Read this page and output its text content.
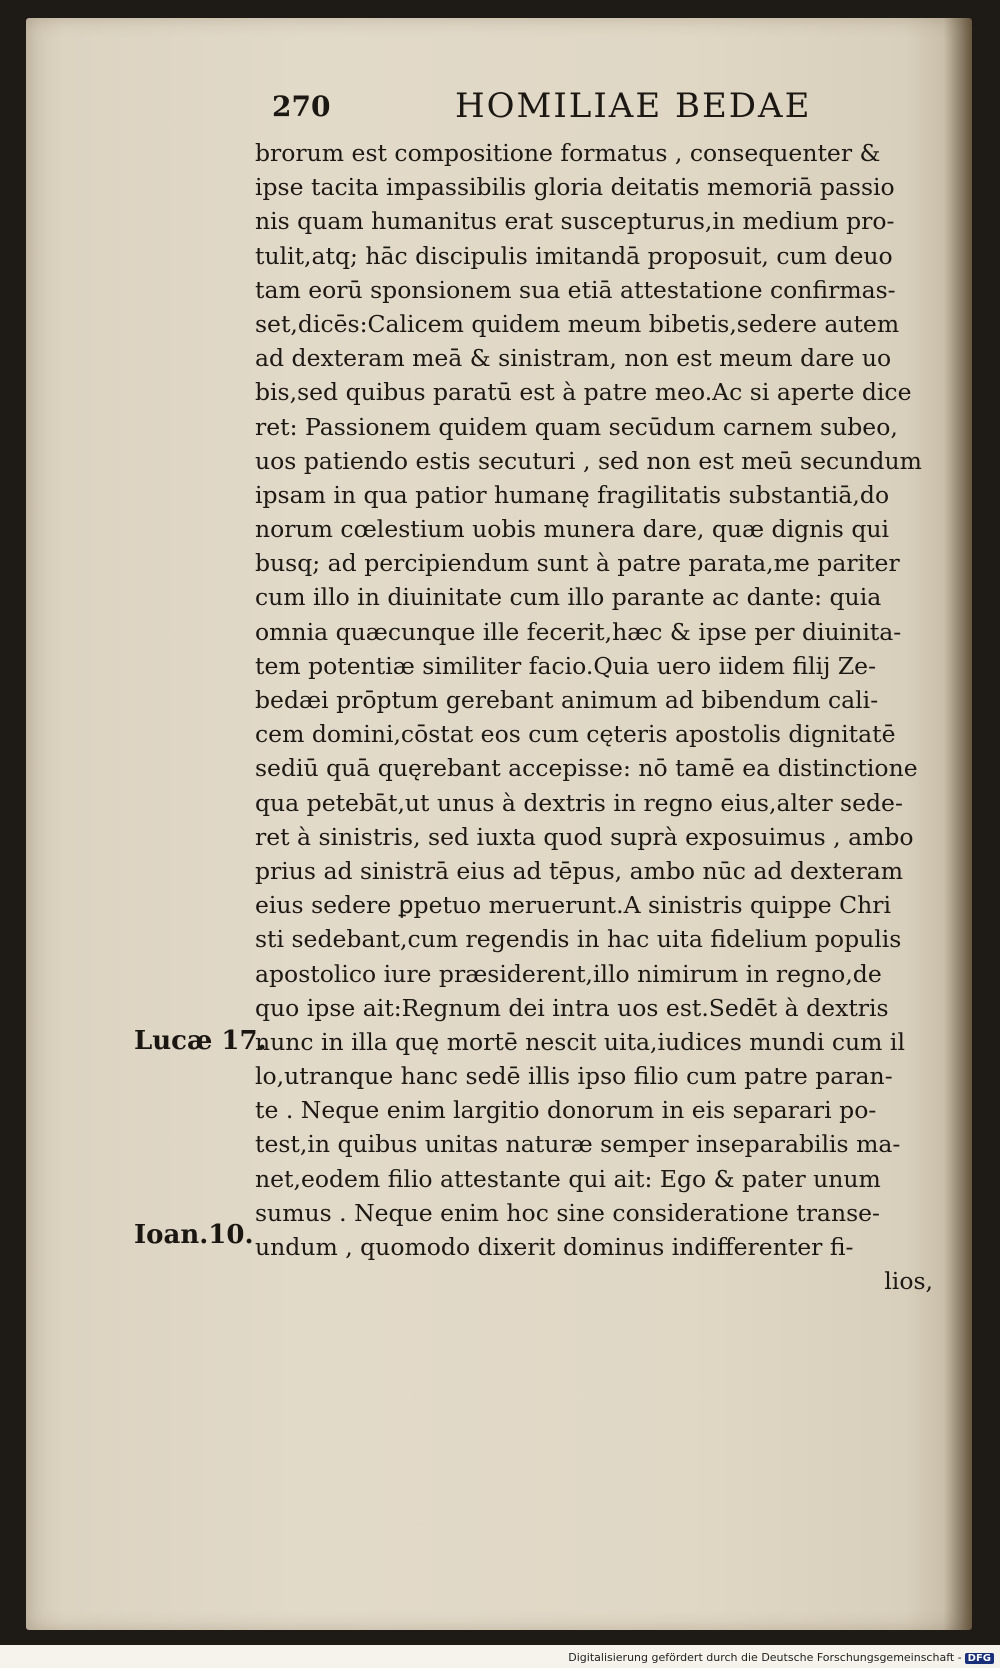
270	HOMILIAE BEDAE
Lucæ 17.
Ioan.10.
brorum est compositione formatus , consequenter &
ipse tacita impassibilis gloria deitatis memoriā passio
nis quam humanitus erat suscepturus,in medium pro-
tulit,atq; hāc discipulis imitandā proposuit, cum deuo
tam eorū sponsionem sua etiā attestatione confirmas-
set,dicēs:Calicem quidem meum bibetis,sedere autem
ad dexteram meā & sinistram, non est meum dare uo
bis,sed quibus paratū est à patre meo.Ac si aperte dice
ret: Passionem quidem quam secūdum carnem subeo,
uos patiendo estis secuturi , sed non est meū secundum
ipsam in qua patior humanę fragilitatis substantiā,do
norum cœlestium uobis munera dare, quæ dignis qui
busq; ad percipiendum sunt à patre parata,me pariter
cum illo in diuinitate cum illo parante ac dante: quia
omnia quæcunque ille fecerit,hæc & ipse per diuinita-
tem potentiæ similiter facio.Quia uero iidem filij Ze-
bedæi prōptum gerebant animum ad bibendum cali-
cem domini,cōstat eos cum cęteris apostolis dignitatē
sediū quā quęrebant accepisse: nō tamē ea distinctione
qua petebāt,ut unus à dextris in regno eius,alter sede-
ret à sinistris, sed iuxta quod suprà exposuimus , ambo
prius ad sinistrā eius ad tēpus, ambo nūc ad dexteram
eius sedere ꝑpetuo meruerunt.A sinistris quippe Chri
sti sedebant,cum regendis in hac uita fidelium populis
apostolico iure præsiderent,illo nimirum in regno,de
quo ipse ait:Regnum dei intra uos est.Sedēt à dextris
nunc in illa quę mortē nescit uita,iudices mundi cum il
lo,utranque hanc sedē illis ipso filio cum patre paran-
te . Neque enim largitio donorum in eis separari po-
test,in quibus unitas naturæ semper inseparabilis ma-
net,eodem filio attestante qui ait: Ego & pater unum
sumus . Neque enim hoc sine consideratione transe-
undum , quomodo dixerit dominus indifferenter fi-
lios,
Digitalisierung gefördert durch die Deutsche Forschungsgemeinschaft - DFG
